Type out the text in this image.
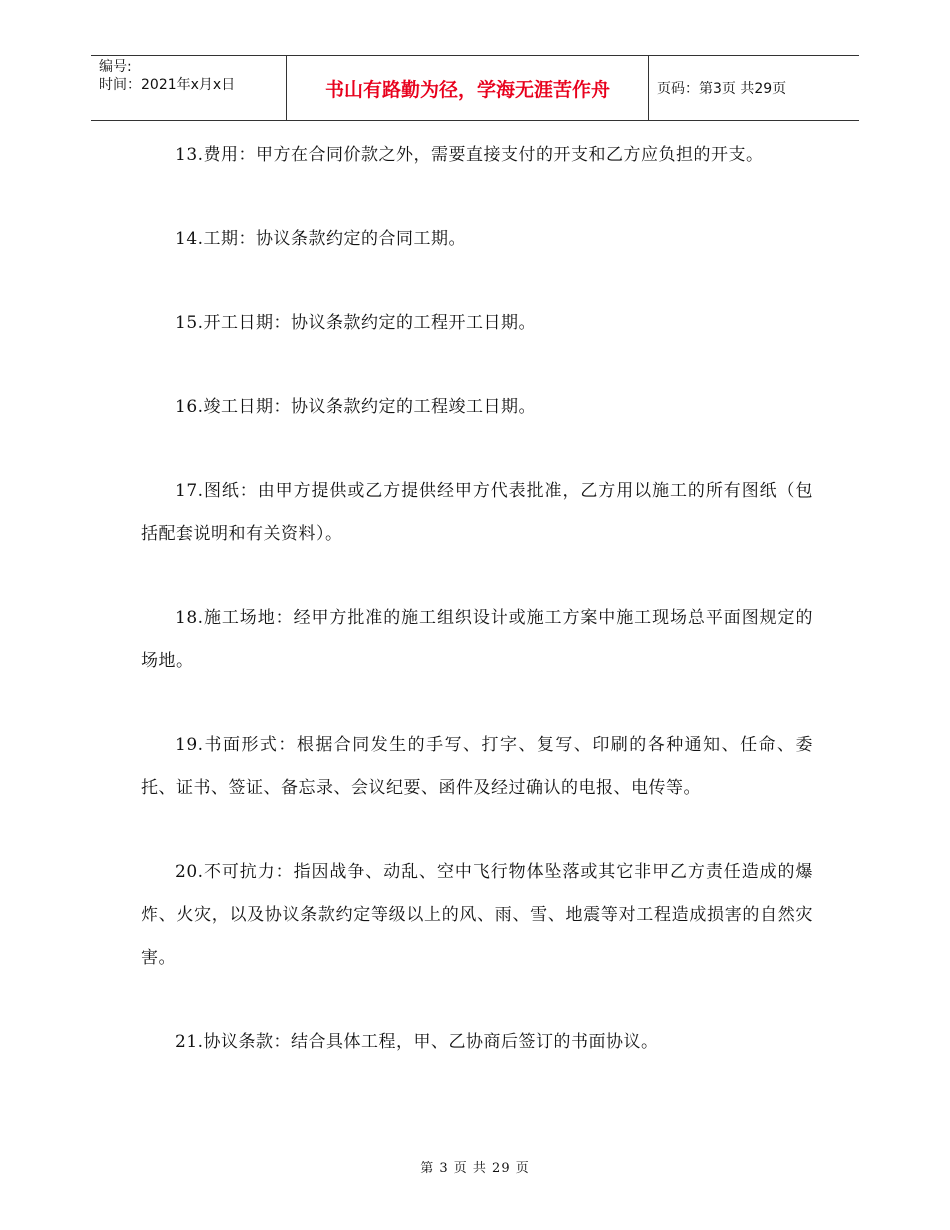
编号:
时间：2021年x月x日	书山有路勤为径，学海无涯苦作舟	页码：第3页 共29页

13.费用：甲方在合同价款之外，需要直接支付的开支和乙方应负担的开支。

14.工期：协议条款约定的合同工期。

15.开工日期：协议条款约定的工程开工日期。

16.竣工日期：协议条款约定的工程竣工日期。

17.图纸：由甲方提供或乙方提供经甲方代表批准，乙方用以施工的所有图纸（包括配套说明和有关资料）。

18.施工场地：经甲方批准的施工组织设计或施工方案中施工现场总平面图规定的场地。

19.书面形式：根据合同发生的手写、打字、复写、印刷的各种通知、任命、委托、证书、签证、备忘录、会议纪要、函件及经过确认的电报、电传等。

20.不可抗力：指因战争、动乱、空中飞行物体坠落或其它非甲乙方责任造成的爆炸、火灾，以及协议条款约定等级以上的风、雨、雪、地震等对工程造成损害的自然灾害。

21.协议条款：结合具体工程，甲、乙协商后签订的书面协议。

第 3 页 共 29 页
